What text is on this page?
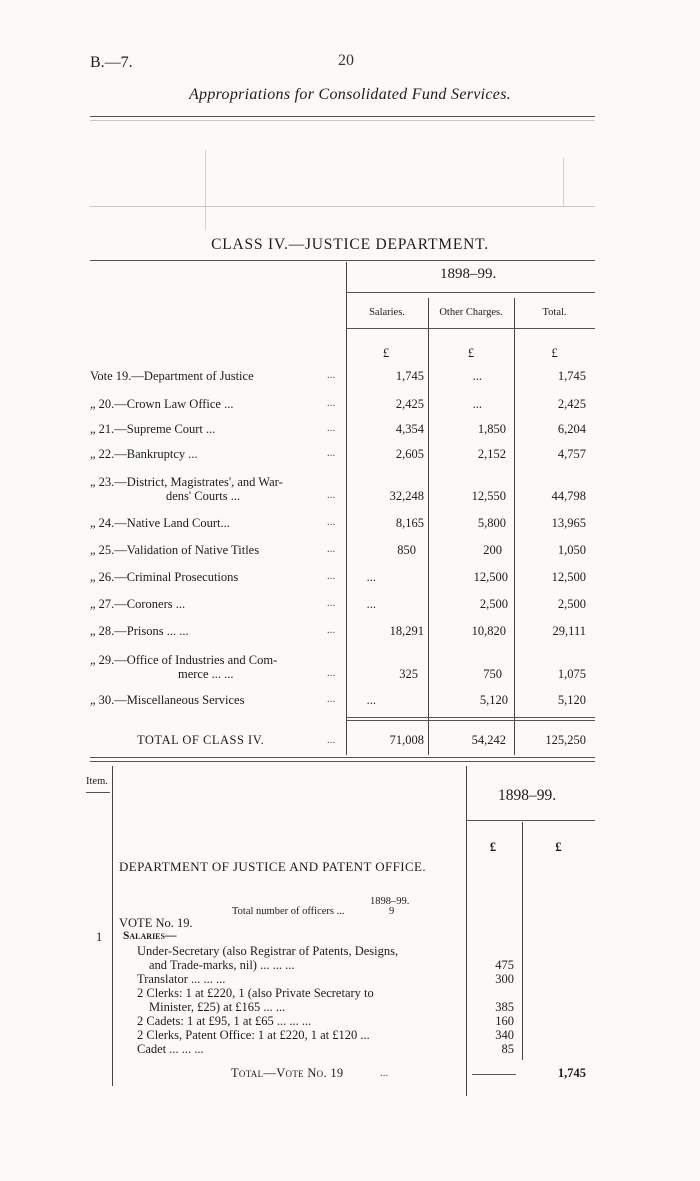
B.—7.	20
Appropriations for Consolidated Fund Services.
CLASS IV.—JUSTICE DEPARTMENT.
1898–99.
Salaries.	Other Charges.	Total.
£	£	£
Vote 19.—Department of Justice	...	1,745	...	1,745
„ 20.—Crown Law Office ...	...	2,425	...	2,425
„ 21.—Supreme Court ...	...	4,354	1,850	6,204
„ 22.—Bankruptcy ...	...	2,605	2,152	4,757
„ 23.—District, Magistrates', and War-
dens' Courts ...	...	32,248	12,550	44,798
„ 24.—Native Land Court...	...	8,165	5,800	13,965
„ 25.—Validation of Native Titles	...	850	200	1,050
„ 26.—Criminal Prosecutions	...	...	12,500	12,500
„ 27.—Coroners ...	...	...	2,500	2,500
„ 28.—Prisons ... ...	...	18,291	10,820	29,111
„ 29.—Office of Industries and Com-
merce ... ...	...	325	750	1,075
„ 30.—Miscellaneous Services	...	...	5,120	5,120
TOTAL OF CLASS IV.	...	71,008	54,242	125,250
Item.
1898–99.
£	£
DEPARTMENT OF JUSTICE AND PATENT OFFICE.
1898–99.
Total number of officers ...	9
VOTE No. 19.
1 Salaries—
Under-Secretary (also Registrar of Patents, Designs,
and Trade-marks, nil) ... ... ...	475
Translator ... ... ...	300
2 Clerks: 1 at £220, 1 (also Private Secretary to
Minister, £25) at £165 ... ...	385
2 Cadets: 1 at £95, 1 at £65 ... ... ...	160
2 Clerks, Patent Office: 1 at £220, 1 at £120 ...	340
Cadet ... ... ...	85
Total—Vote No. 19	...	1,745
